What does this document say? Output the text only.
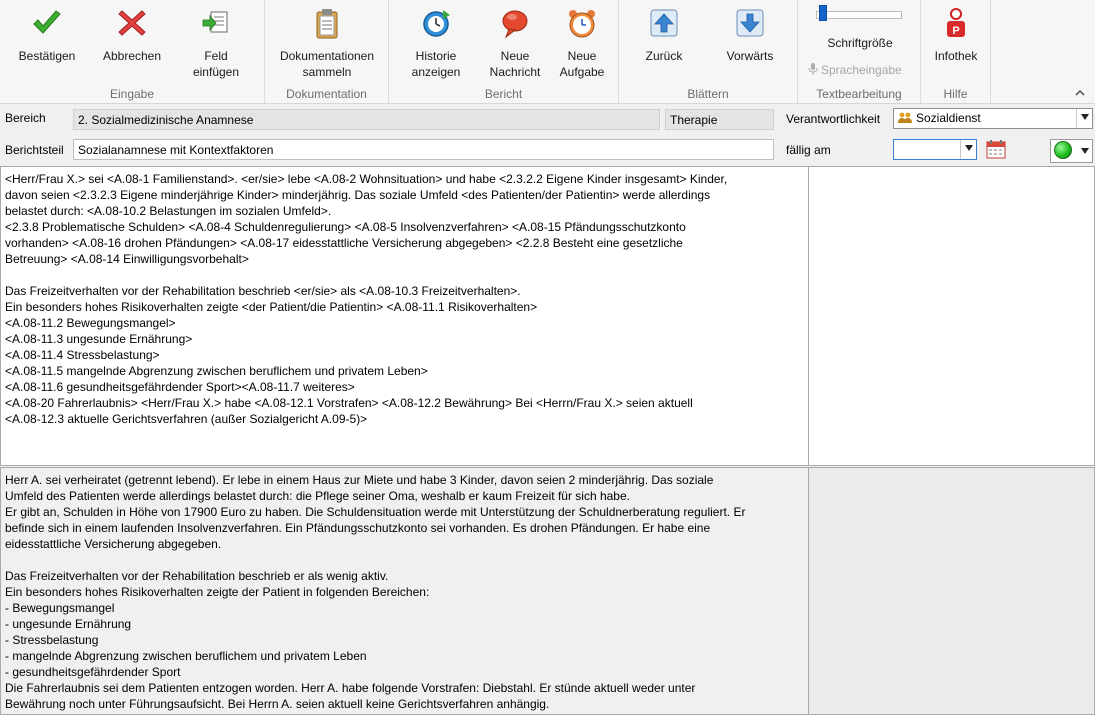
Bestätigen	Abbrechen	Feld
einfügen
Eingabe
Dokumentationen
sammeln
Dokumentation
Historie
anzeigen
Neue
Nachricht
Neue
Aufgabe
Bericht
Zurück	Vorwärts
Blättern	Textbearbeitung
Schriftgröße
Spracheingabe
P
Infothek
Hilfe
Bereich	2. Sozialmedizinische Anamnese	Therapie	Verantwortlichkeit	Sozialdienst
Berichtsteil	Sozialanamnese mit Kontextfaktoren	fällig am
<Herr/Frau X.> sei <A.08-1 Familienstand>. <er/sie> lebe <A.08-2 Wohnsituation> und habe <2.3.2.2 Eigene Kinder insgesamt> Kinder,
davon seien <2.3.2.3 Eigene minderjährige Kinder> minderjährig. Das soziale Umfeld <des Patienten/der Patientin> werde allerdings
belastet durch: <A.08-10.2 Belastungen im sozialen Umfeld>.
<2.3.8 Problematische Schulden> <A.08-4 Schuldenregulierung> <A.08-5 Insolvenzverfahren> <A.08-15 Pfändungsschutzkonto
vorhanden> <A.08-16 drohen Pfändungen> <A.08-17 eidesstattliche Versicherung abgegeben> <2.2.8 Besteht eine gesetzliche
Betreuung> <A.08-14 Einwilligungsvorbehalt>
Das Freizeitverhalten vor der Rehabilitation beschrieb <er/sie> als <A.08-10.3 Freizeitverhalten>.
Ein besonders hohes Risikoverhalten zeigte <der Patient/die Patientin> <A.08-11.1 Risikoverhalten>
<A.08-11.2 Bewegungsmangel>
<A.08-11.3 ungesunde Ernährung>
<A.08-11.4 Stressbelastung>
<A.08-11.5 mangelnde Abgrenzung zwischen beruflichem und privatem Leben>
<A.08-11.6 gesundheitsgefährdender Sport><A.08-11.7 weiteres>
<A.08-20 Fahrerlaubnis> <Herr/Frau X.> habe <A.08-12.1 Vorstrafen> <A.08-12.2 Bewährung> Bei <Herrn/Frau X.> seien aktuell
<A.08-12.3 aktuelle Gerichtsverfahren (außer Sozialgericht A.09-5)>
Herr A. sei verheiratet (getrennt lebend). Er lebe in einem Haus zur Miete und habe 3 Kinder, davon seien 2 minderjährig. Das soziale
Umfeld des Patienten werde allerdings belastet durch: die Pflege seiner Oma, weshalb er kaum Freizeit für sich habe.
Er gibt an, Schulden in Höhe von 17900 Euro zu haben. Die Schuldensituation werde mit Unterstützung der Schuldnerberatung reguliert. Er
befinde sich in einem laufenden Insolvenzverfahren. Ein Pfändungsschutzkonto sei vorhanden. Es drohen Pfändungen. Er habe eine
eidesstattliche Versicherung abgegeben.
Das Freizeitverhalten vor der Rehabilitation beschrieb er als wenig aktiv.
Ein besonders hohes Risikoverhalten zeigte der Patient in folgenden Bereichen:
- Bewegungsmangel
- ungesunde Ernährung
- Stressbelastung
- mangelnde Abgrenzung zwischen beruflichem und privatem Leben
- gesundheitsgefährdender Sport
Die Fahrerlaubnis sei dem Patienten entzogen worden. Herr A. habe folgende Vorstrafen: Diebstahl. Er stünde aktuell weder unter
Bewährung noch unter Führungsaufsicht. Bei Herrn A. seien aktuell keine Gerichtsverfahren anhängig.
